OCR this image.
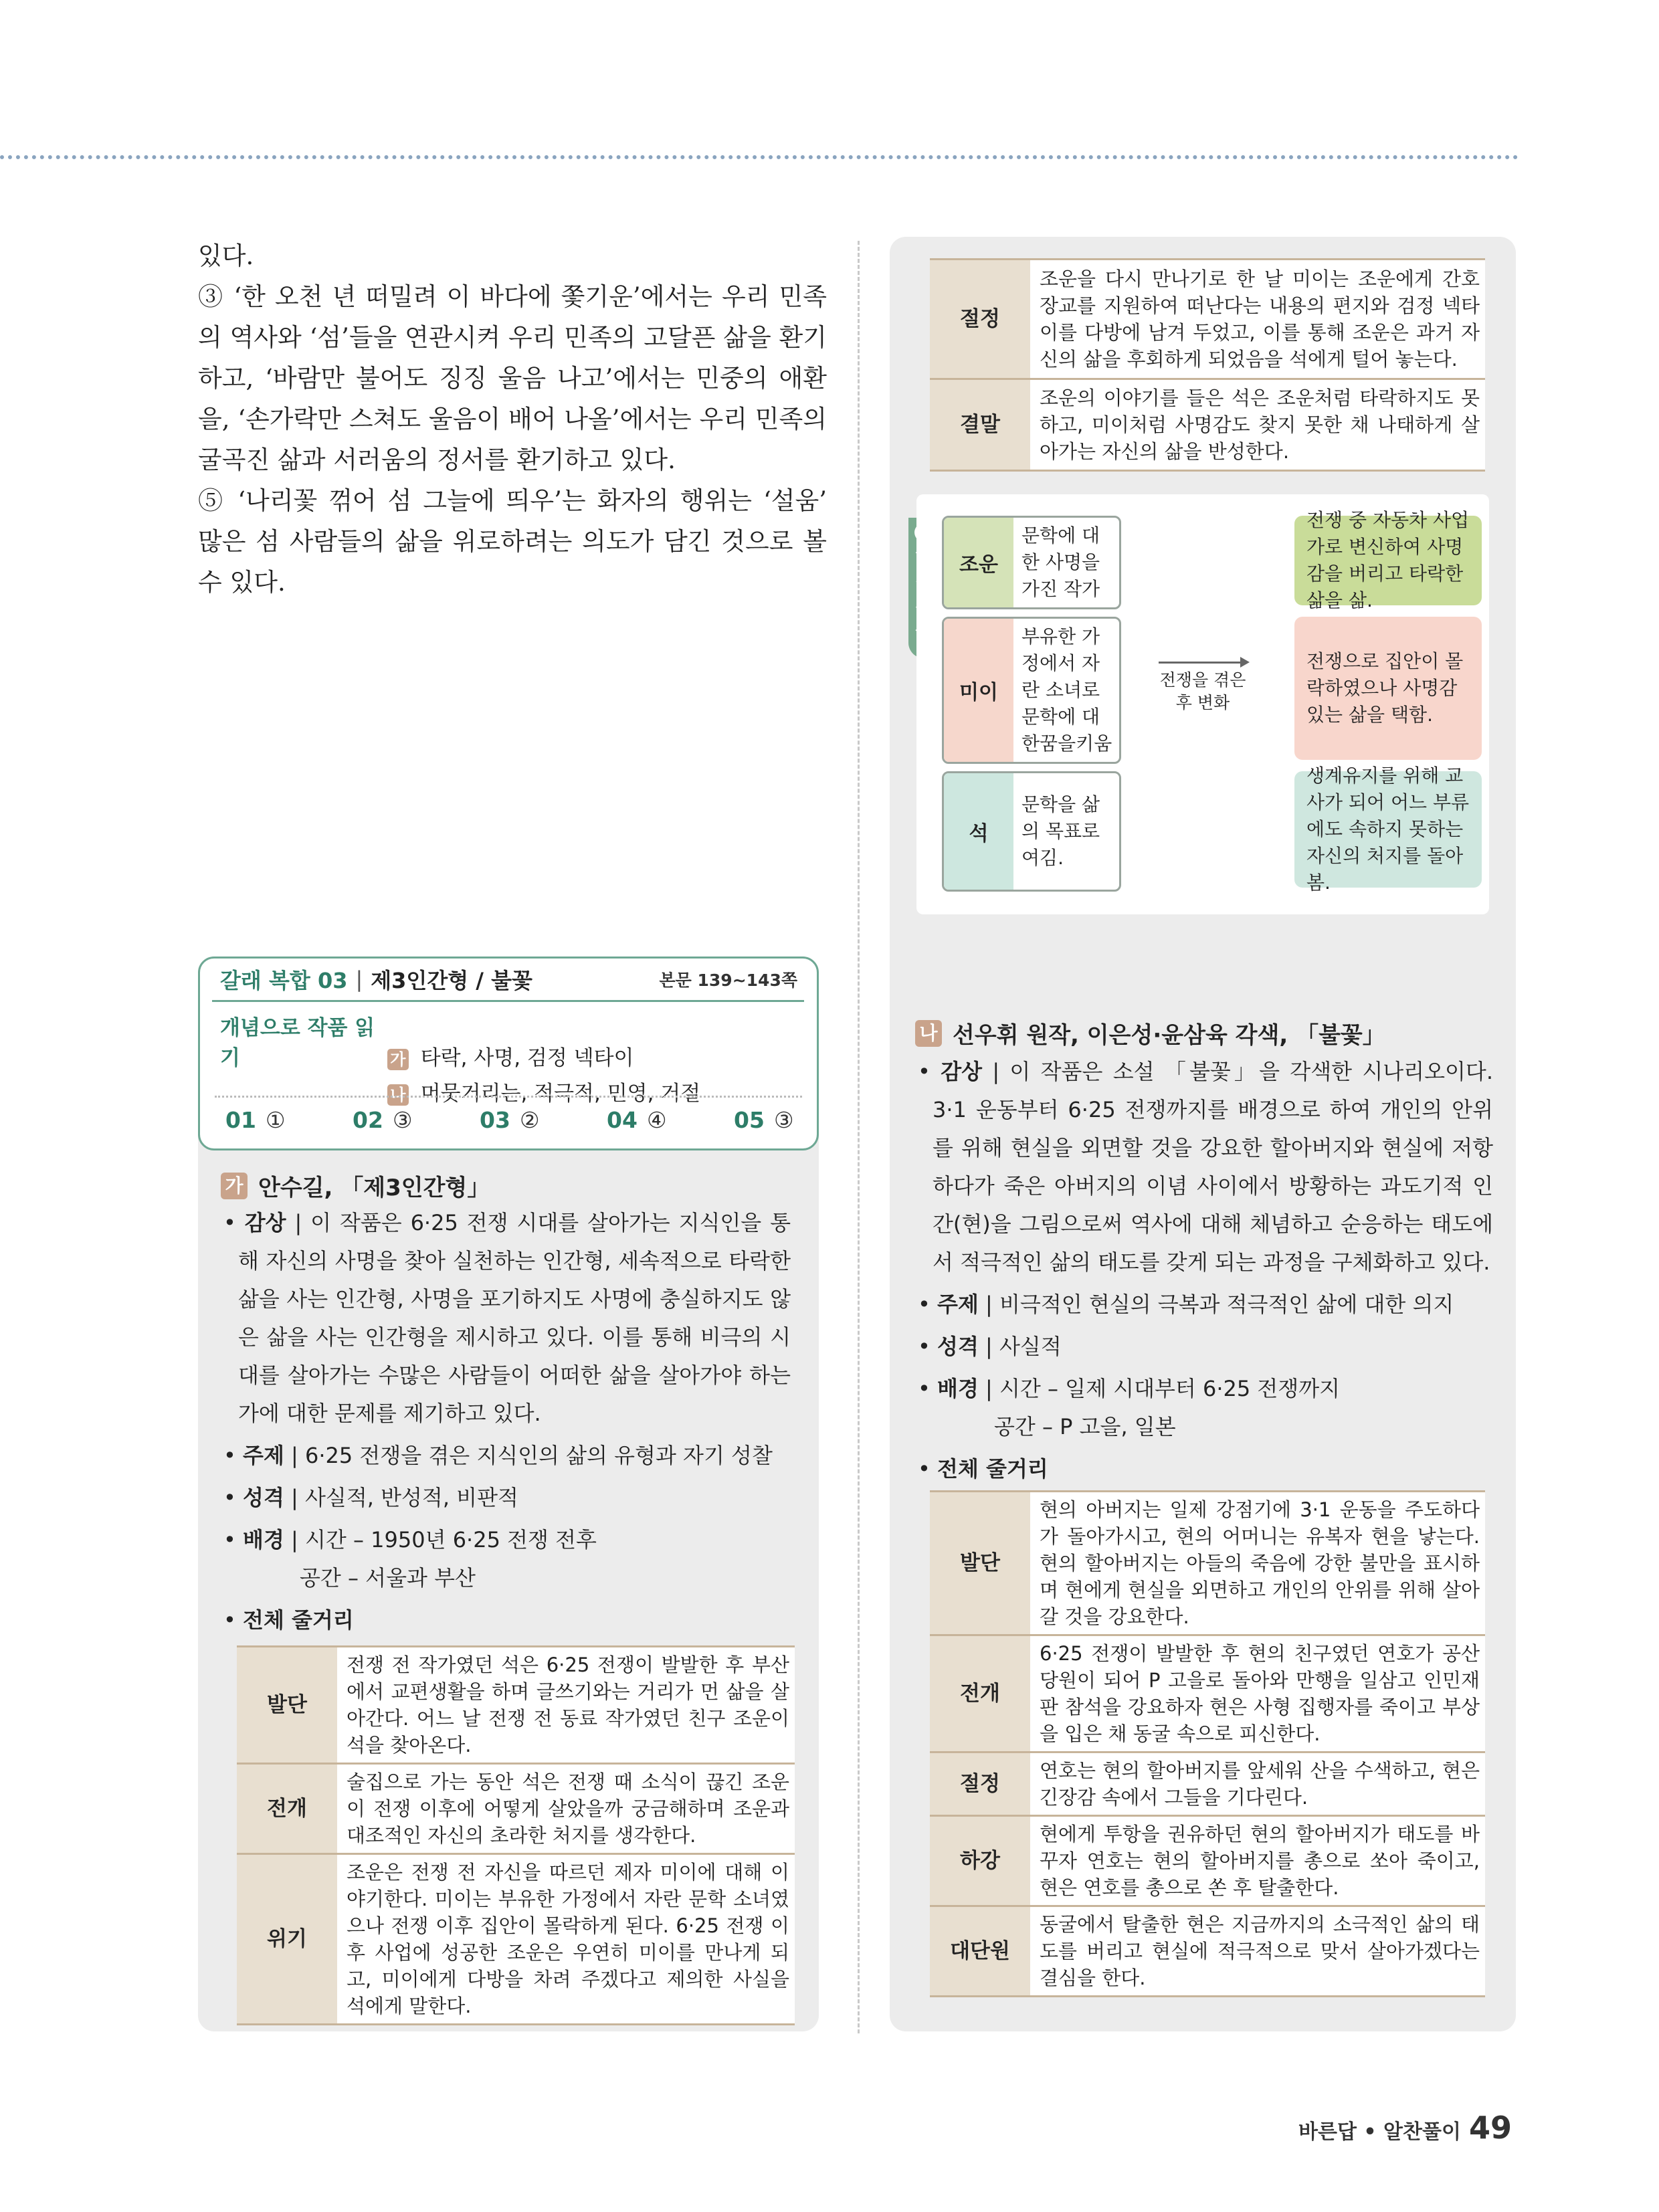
있다.

③ ‘한 오천 년 떠밀려 이 바다에 쫓기운’에서는 우리 민족의 역사와 ‘섬’들을 연관시켜 우리 민족의 고달픈 삶을 환기하고, ‘바람만 불어도 징징 울음 나고’에서는 민중의 애환을, ‘손가락만 스쳐도 울음이 배어 나올’에서는 우리 민족의 굴곡진 삶과 서러움의 정서를 환기하고 있다.

⑤ ‘나리꽃 꺾어 섬 그늘에 띄우’는 화자의 행위는 ‘설움’ 많은 섬 사람들의 삶을 위로하려는 의도가 담긴 것으로 볼 수 있다.

절정	조운을 다시 만나기로 한 날 미이는 조운에게 간호 장교를 지원하여 떠난다는 내용의 편지와 검정 넥타이를 다방에 남겨 두었고, 이를 통해 조운은 과거 자신의 삶을 후회하게 되었음을 석에게 털어 놓는다.
결말	조운의 이야기를 들은 석은 조운처럼 타락하지도 못하고, 미이처럼 사명감도 찾지 못한 채 나태하게 살아가는 자신의 삶을 반성한다.

조운
문학에 대한 사명을 가진 작가
전쟁 중 자동차 사업가로 변신하여 사명감을 버리고 타락한 삶을 삶.
미이
부유한 가정에서 자란 소녀로 문학에 대한꿈을키움
전쟁을 겪은 후 변화
전쟁으로 집안이 몰락하였으나 사명감 있는 삶을 택함.
석
문학을 삶의 목표로 여김.
생계유지를 위해 교사가 되어 어느 부류에도 속하지 못하는 자신의 처지를 돌아봄.
나 선우휘 원작, 이은성·윤삼육 각색, 「불꽃」

• 감상 | 이 작품은 소설 「불꽃」을 각색한 시나리오이다. 3·1 운동부터 6·25 전쟁까지를 배경으로 하여 개인의 안위를 위해 현실을 외면할 것을 강요한 할아버지와 현실에 저항하다가 죽은 아버지의 이념 사이에서 방황하는 과도기적 인간(현)을 그림으로써 역사에 대해 체념하고 순응하는 태도에서 적극적인 삶의 태도를 갖게 되는 과정을 구체화하고 있다.

• 주제 | 비극적인 현실의 극복과 적극적인 삶에 대한 의지

• 성격 | 사실적

• 배경 | 시간 – 일제 시대부터 6·25 전쟁까지

공간 – P 고을, 일본

• 전체 줄거리

발단	현의 아버지는 일제 강점기에 3·1 운동을 주도하다가 돌아가시고, 현의 어머니는 유복자 현을 낳는다. 현의 할아버지는 아들의 죽음에 강한 불만을 표시하며 현에게 현실을 외면하고 개인의 안위를 위해 살아갈 것을 강요한다.
전개	6·25 전쟁이 발발한 후 현의 친구였던 연호가 공산 당원이 되어 P 고을로 돌아와 만행을 일삼고 인민재판 참석을 강요하자 현은 사형 집행자를 죽이고 부상을 입은 채 동굴 속으로 피신한다.
절정	연호는 현의 할아버지를 앞세워 산을 수색하고, 현은 긴장감 속에서 그들을 기다린다.
하강	현에게 투항을 권유하던 현의 할아버지가 태도를 바꾸자 연호는 현의 할아버지를 총으로 쏘아 죽이고, 현은 연호를 총으로 쏜 후 탈출한다.
대단원	동굴에서 탈출한 현은 지금까지의 소극적인 삶의 태도를 버리고 현실에 적극적으로 맞서 살아가겠다는 결심을 한다.
갈래 복합 03 | 제3인간형 / 불꽃	본문 139~143쪽
개념으로 작품 읽기	가 타락, 사명, 검정 넥타이
나 머뭇거리는, 적극적, 민영, 거절
01 ①	02 ③	03 ②	04 ④	05 ③
가 안수길, 「제3인간형」

• 감상 | 이 작품은 6·25 전쟁 시대를 살아가는 지식인을 통해 자신의 사명을 찾아 실천하는 인간형, 세속적으로 타락한 삶을 사는 인간형, 사명을 포기하지도 사명에 충실하지도 않은 삶을 사는 인간형을 제시하고 있다. 이를 통해 비극의 시대를 살아가는 수많은 사람들이 어떠한 삶을 살아가야 하는가에 대한 문제를 제기하고 있다.

• 주제 | 6·25 전쟁을 겪은 지식인의 삶의 유형과 자기 성찰

• 성격 | 사실적, 반성적, 비판적

• 배경 | 시간 – 1950년 6·25 전쟁 전후

공간 – 서울과 부산

• 전체 줄거리

발단	전쟁 전 작가였던 석은 6·25 전쟁이 발발한 후 부산에서 교편생활을 하며 글쓰기와는 거리가 먼 삶을 살아간다. 어느 날 전쟁 전 동료 작가였던 친구 조운이 석을 찾아온다.
전개	술집으로 가는 동안 석은 전쟁 때 소식이 끊긴 조운이 전쟁 이후에 어떻게 살았을까 궁금해하며 조운과 대조적인 자신의 초라한 처지를 생각한다.
위기	조운은 전쟁 전 자신을 따르던 제자 미이에 대해 이야기한다. 미이는 부유한 가정에서 자란 문학 소녀였으나 전쟁 이후 집안이 몰락하게 된다. 6·25 전쟁 이후 사업에 성공한 조운은 우연히 미이를 만나게 되고, 미이에게 다방을 차려 주겠다고 제의한 사실을 석에게 말한다.
바른답 • 알찬풀이 49
